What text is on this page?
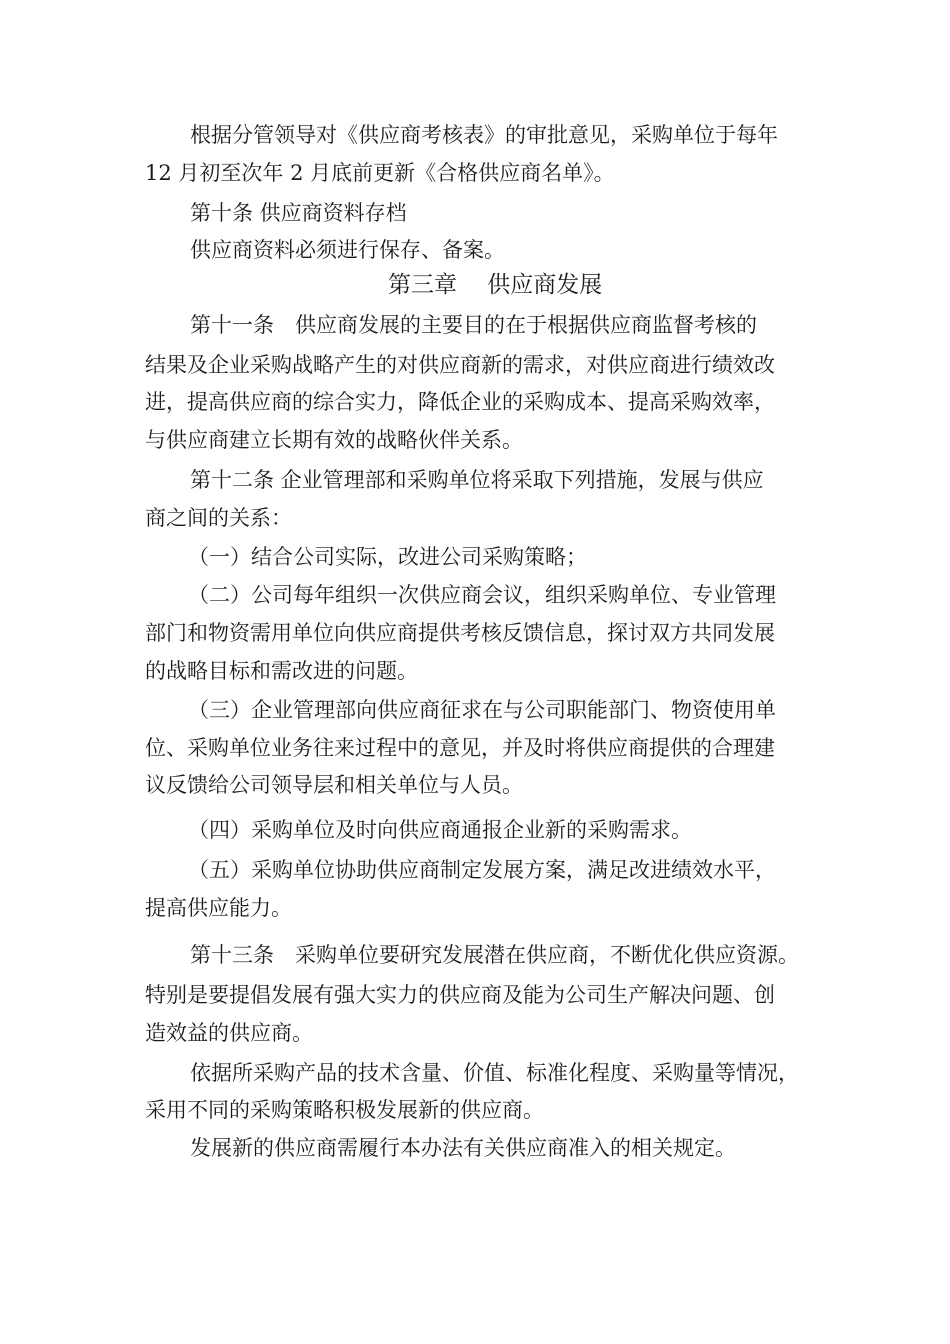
根据分管领导对《供应商考核表》的审批意见，采购单位于每年
12 月初至次年 2 月底前更新《合格供应商名单》。
第十条 供应商资料存档
供应商资料必须进行保存、备案。
第三章　 供应商发展
第十一条　供应商发展的主要目的在于根据供应商监督考核的
结果及企业采购战略产生的对供应商新的需求，对供应商进行绩效改
进，提高供应商的综合实力，降低企业的采购成本、提高采购效率，
与供应商建立长期有效的战略伙伴关系。
第十二条 企业管理部和采购单位将采取下列措施，发展与供应
商之间的关系：
（一）结合公司实际，改进公司采购策略；
（二）公司每年组织一次供应商会议，组织采购单位、专业管理
部门和物资需用单位向供应商提供考核反馈信息，探讨双方共同发展
的战略目标和需改进的问题。
（三）企业管理部向供应商征求在与公司职能部门、物资使用单
位、采购单位业务往来过程中的意见，并及时将供应商提供的合理建
议反馈给公司领导层和相关单位与人员。
（四）采购单位及时向供应商通报企业新的采购需求。
（五）采购单位协助供应商制定发展方案，满足改进绩效水平，
提高供应能力。
第十三条　采购单位要研究发展潜在供应商，不断优化供应资源。
特别是要提倡发展有强大实力的供应商及能为公司生产解决问题、创
造效益的供应商。
依据所采购产品的技术含量、价值、标准化程度、采购量等情况，
采用不同的采购策略积极发展新的供应商。
发展新的供应商需履行本办法有关供应商准入的相关规定。
